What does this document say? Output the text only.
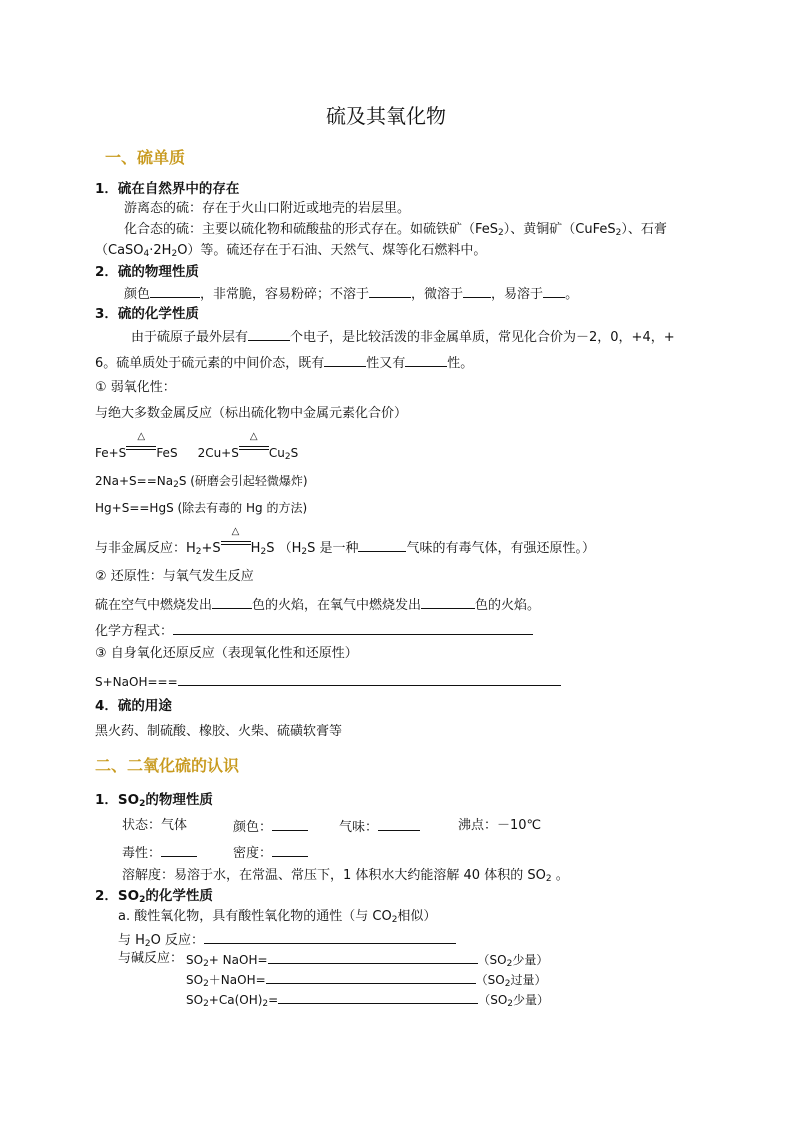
硫及其氧化物
一、硫单质
1．硫在自然界中的存在
游离态的硫：存在于火山口附近或地壳的岩层里。
化合态的硫：主要以硫化物和硫酸盐的形式存在。如硫铁矿（FeS$_2$）、黄铜矿（CuFeS$_2$）、石膏
$(CaSO_4\cdot 2H_2O)$等。硫还存在于石油、天然气、煤等化石燃料中。
2．硫的物理性质
颜色	，非常脆，容易粉碎；不溶于	，微溶于 ，易溶于 。
3．硫的化学性质
由于硫原子最外层有	个电子，是比较活泼的非金属单质，常见化合价为－2，0，+4，+
6。硫单质处于硫元素的中间价态，既有	性又有	性。
① 弱氧化性：
与绝大多数金属反应（标出硫化物中金属元素化合价）
Fe+S
△
FeS 2Cu+S
△
$Cu_2S$
$2Na+S==Na_2S$ (研磨会引起轻微爆炸)
Hg+S==HgS (除去有毒的 Hg 的方法)
与非金属反应：$H_2+S$
△
$H_2S$ （$H_2S$ 是一种	气味的有毒气体，有强还原性。）
② 还原性：与氧气发生反应
硫在空气中燃烧发出	色的火焰，在氧气中燃烧发出	色的火焰。
化学方程式：
③ 自身氧化还原反应（表现氧化性和还原性）
S+NaOH===
4．硫的用途
黑火药、制硫酸、橡胶、火柴、硫磺软膏等
二、二氧化硫的认识
1．$SO_2$的物理性质
状态：气体	颜色：	气味：	沸点：－10℃
毒性：	密度：
溶解度：易溶于水，在常温、常压下，1 体积水大约能溶解 40 体积的 $SO_2$ 。
2．$SO_2$的化学性质
a. 酸性氧化物，具有酸性氧化物的通性（与 $CO_2$相似）
与 $H_2O$ 反应：
与碱反应： $SO_2+$ NaOH=	（$SO_2$少量）
$SO_2+NaOH=$	（$SO_2$过量）
$SO_2+Ca(OH)_2=$	（$SO_2$少量）
